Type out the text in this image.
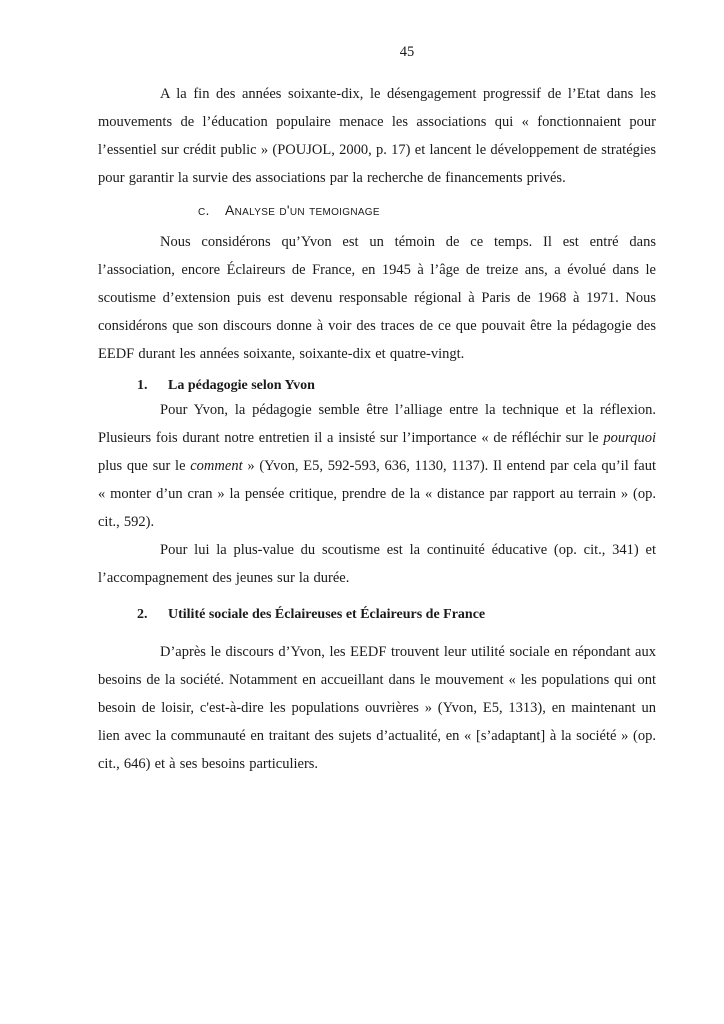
45

A la fin des années soixante-dix, le désengagement progressif de l’Etat dans les mouvements de l’éducation populaire menace les associations qui « fonctionnaient pour l’essentiel sur crédit public » (POUJOL, 2000, p. 17) et lancent le développement de stratégies pour garantir la survie des associations par la recherche de financements privés.

c. Analyse d'un temoignage

Nous considérons qu’Yvon est un témoin de ce temps. Il est entré dans l’association, encore Éclaireurs de France, en 1945 à l’âge de treize ans, a évolué dans le scoutisme d’extension puis est devenu responsable régional à Paris de 1968 à 1971. Nous considérons que son discours donne à voir des traces de ce que pouvait être la pédagogie des EEDF durant les années soixante, soixante-dix et quatre-vingt.

1. La pédagogie selon Yvon

Pour Yvon, la pédagogie semble être l’alliage entre la technique et la réflexion. Plusieurs fois durant notre entretien il a insisté sur l’importance « de réfléchir sur le pourquoi plus que sur le comment » (Yvon, E5, 592-593, 636, 1130, 1137). Il entend par cela qu’il faut « monter d’un cran » la pensée critique, prendre de la « distance par rapport au terrain » (op. cit., 592).

Pour lui la plus-value du scoutisme est la continuité éducative (op. cit., 341) et l’accompagnement des jeunes sur la durée.

2. Utilité sociale des Éclaireuses et Éclaireurs de France

D’après le discours d’Yvon, les EEDF trouvent leur utilité sociale en répondant aux besoins de la société. Notamment en accueillant dans le mouvement « les populations qui ont besoin de loisir, c'est-à-dire les populations ouvrières » (Yvon, E5, 1313), en maintenant un lien avec la communauté en traitant des sujets d’actualité, en « [s’adaptant] à la société » (op. cit., 646) et à ses besoins particuliers.
